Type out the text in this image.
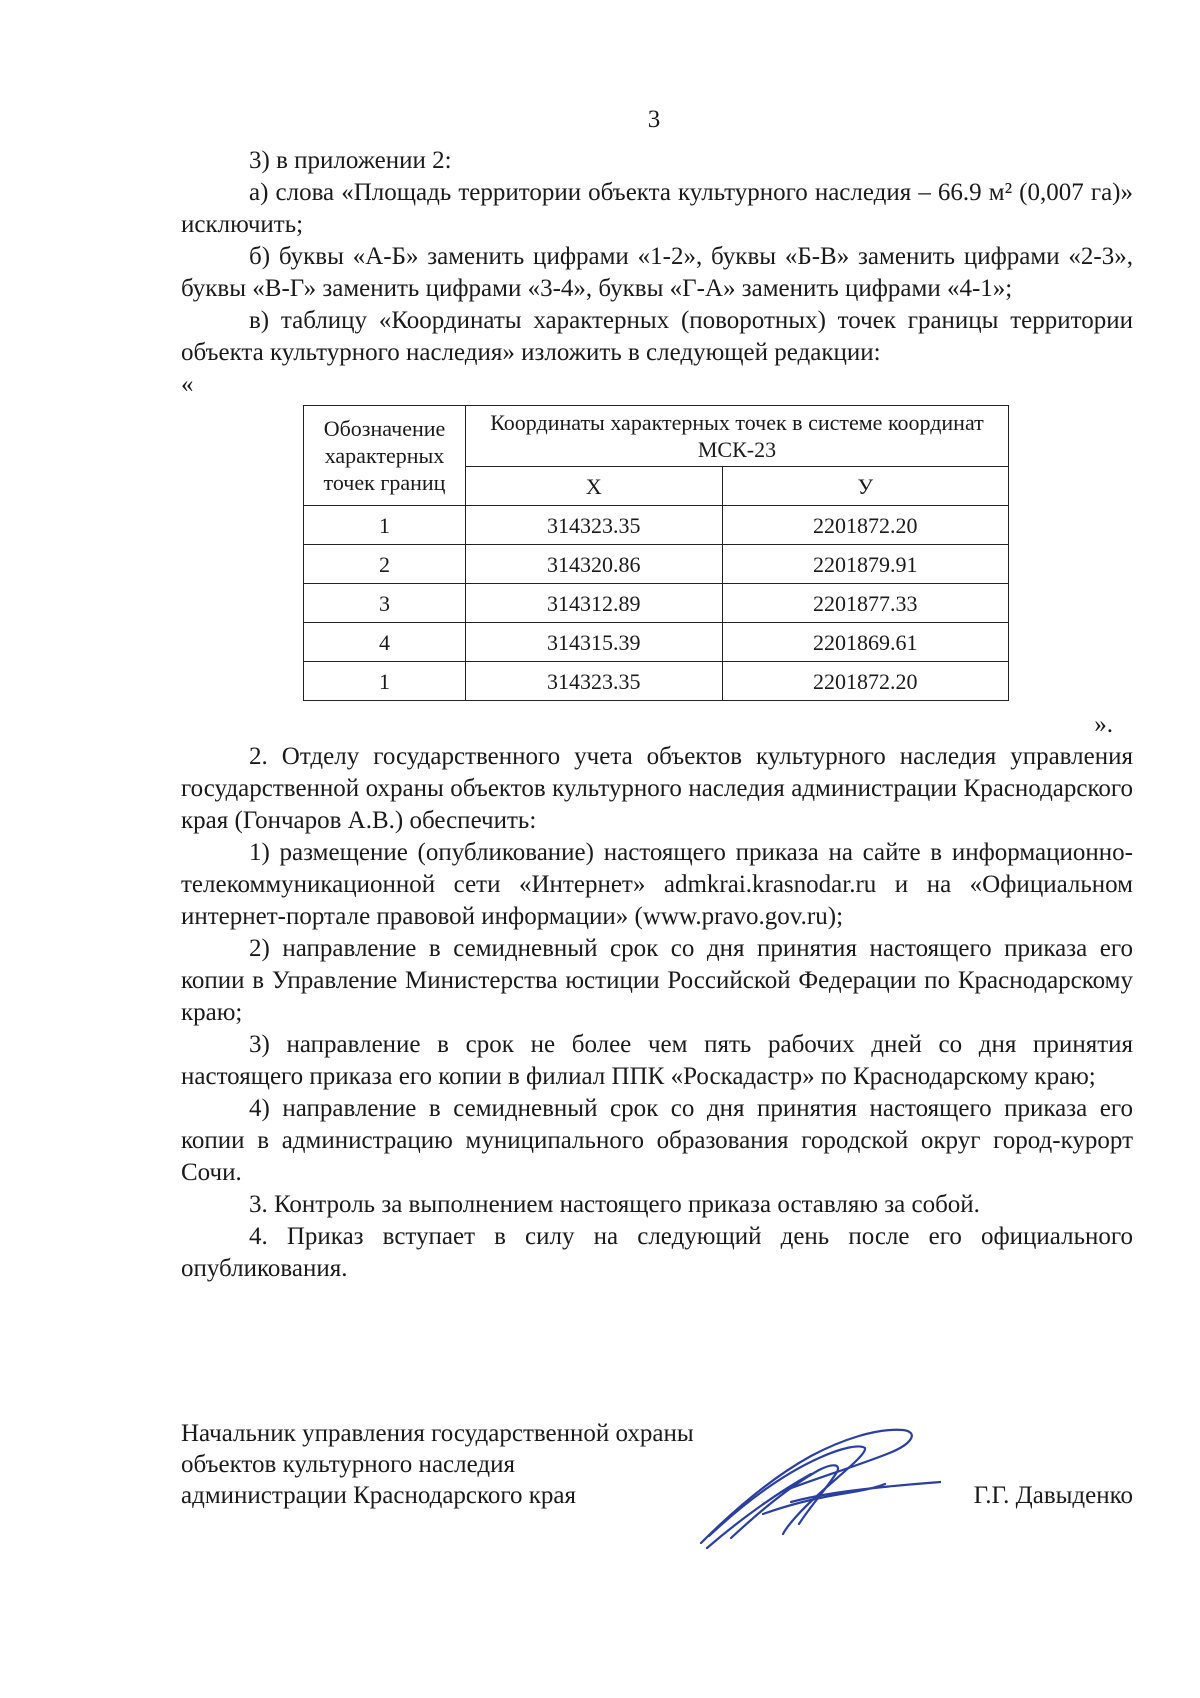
3

3) в приложении 2:

а) слова «Площадь территории объекта культурного наследия – 66.9 м² (0,007 га)» исключить;

б) буквы «А-Б» заменить цифрами «1-2», буквы «Б-В» заменить цифрами «2-3», буквы «В-Г» заменить цифрами «3-4», буквы «Г-А» заменить цифрами «4-1»;

в) таблицу «Координаты характерных (поворотных) точек границы территории объекта культурного наследия» изложить в следующей редакции:

«

Обозначение характерных точек границ	Координаты характерных точек в системе координат МСК-23	
	Х	У
1	314323.35	2201872.20
2	314320.86	2201879.91
3	314312.89	2201877.33
4	314315.39	2201869.61
1	314323.35	2201872.20

».

2. Отделу государственного учета объектов культурного наследия управления государственной охраны объектов культурного наследия администрации Краснодарского края (Гончаров А.В.) обеспечить:

1) размещение (опубликование) настоящего приказа на сайте в информационно-телекоммуникационной сети «Интернет» admkrai.krasnodar.ru и на «Официальном интернет-портале правовой информации» (www.pravo.gov.ru);

2) направление в семидневный срок со дня принятия настоящего приказа его копии в Управление Министерства юстиции Российской Федерации по Краснодарскому краю;

3) направление в срок не более чем пять рабочих дней со дня принятия настоящего приказа его копии в филиал ППК «Роскадастр» по Краснодарскому краю;

4) направление в семидневный срок со дня принятия настоящего приказа его копии в администрацию муниципального образования городской округ город-курорт Сочи.

3. Контроль за выполнением настоящего приказа оставляю за собой.

4. Приказ вступает в силу на следующий день после его официального опубликования.

Начальник управления государственной охраны

объектов культурного наследия

администрации Краснодарского края	Г.Г. Давыденко
